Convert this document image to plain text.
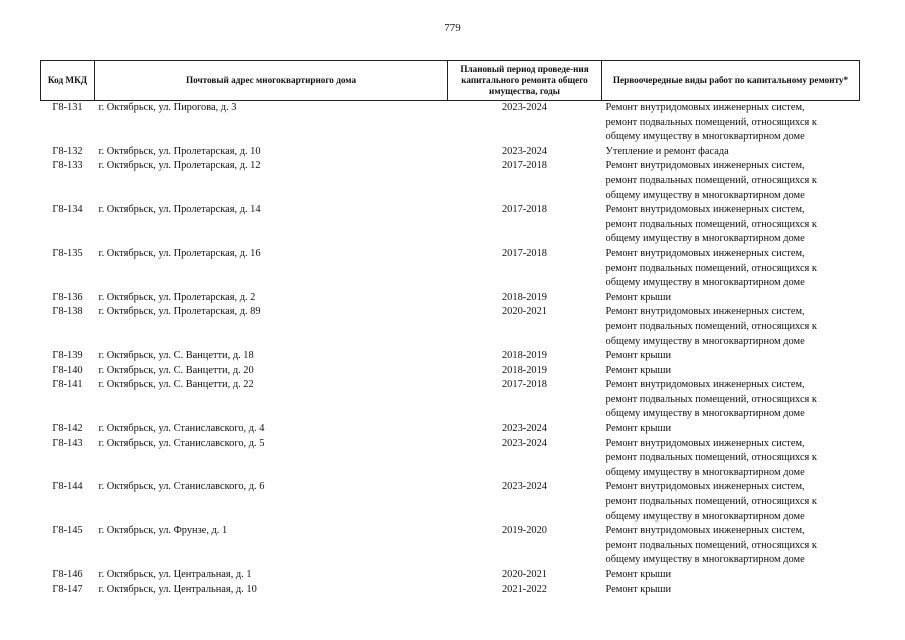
779
Код МКД	Почтовый адрес многоквартирного дома	Плановый период проведе-ния капитального ремонта общего имущества, годы	Первоочередные виды работ по капитальному ремонту*
Г8-131	г. Октябрьск, ул. Пирогова, д. 3	2023-2024	Ремонт внутридомовых инженерных систем,
ремонт подвальных помещений, относящихся к
общему имуществу в многоквартирном доме

Г8-132	г. Октябрьск, ул. Пролетарская, д. 10	2023-2024	Утепление и ремонт фасада

Г8-133	г. Октябрьск, ул. Пролетарская, д. 12	2017-2018	Ремонт внутридомовых инженерных систем,
ремонт подвальных помещений, относящихся к
общему имуществу в многоквартирном доме

Г8-134	г. Октябрьск, ул. Пролетарская, д. 14	2017-2018	Ремонт внутридомовых инженерных систем,
ремонт подвальных помещений, относящихся к
общему имуществу в многоквартирном доме

Г8-135	г. Октябрьск, ул. Пролетарская, д. 16	2017-2018	Ремонт внутридомовых инженерных систем,
ремонт подвальных помещений, относящихся к
общему имуществу в многоквартирном доме

Г8-136	г. Октябрьск, ул. Пролетарская, д. 2	2018-2019	Ремонт крыши

Г8-138	г. Октябрьск, ул. Пролетарская, д. 89	2020-2021	Ремонт внутридомовых инженерных систем,
ремонт подвальных помещений, относящихся к
общему имуществу в многоквартирном доме

Г8-139	г. Октябрьск, ул. С. Ванцетти, д. 18	2018-2019	Ремонт крыши

Г8-140	г. Октябрьск, ул. С. Ванцетти, д. 20	2018-2019	Ремонт крыши

Г8-141	г. Октябрьск, ул. С. Ванцетти, д. 22	2017-2018	Ремонт внутридомовых инженерных систем,
ремонт подвальных помещений, относящихся к
общему имуществу в многоквартирном доме

Г8-142	г. Октябрьск, ул. Станиславского, д. 4	2023-2024	Ремонт крыши

Г8-143	г. Октябрьск, ул. Станиславского, д. 5	2023-2024	Ремонт внутридомовых инженерных систем,
ремонт подвальных помещений, относящихся к
общему имуществу в многоквартирном доме

Г8-144	г. Октябрьск, ул. Станиславского, д. 6	2023-2024	Ремонт внутридомовых инженерных систем,
ремонт подвальных помещений, относящихся к
общему имуществу в многоквартирном доме

Г8-145	г. Октябрьск, ул. Фрунзе, д. 1	2019-2020	Ремонт внутридомовых инженерных систем,
ремонт подвальных помещений, относящихся к
общему имуществу в многоквартирном доме

Г8-146	г. Октябрьск, ул. Центральная, д. 1	2020-2021	Ремонт крыши

Г8-147	г. Октябрьск, ул. Центральная, д. 10	2021-2022	Ремонт крыши
